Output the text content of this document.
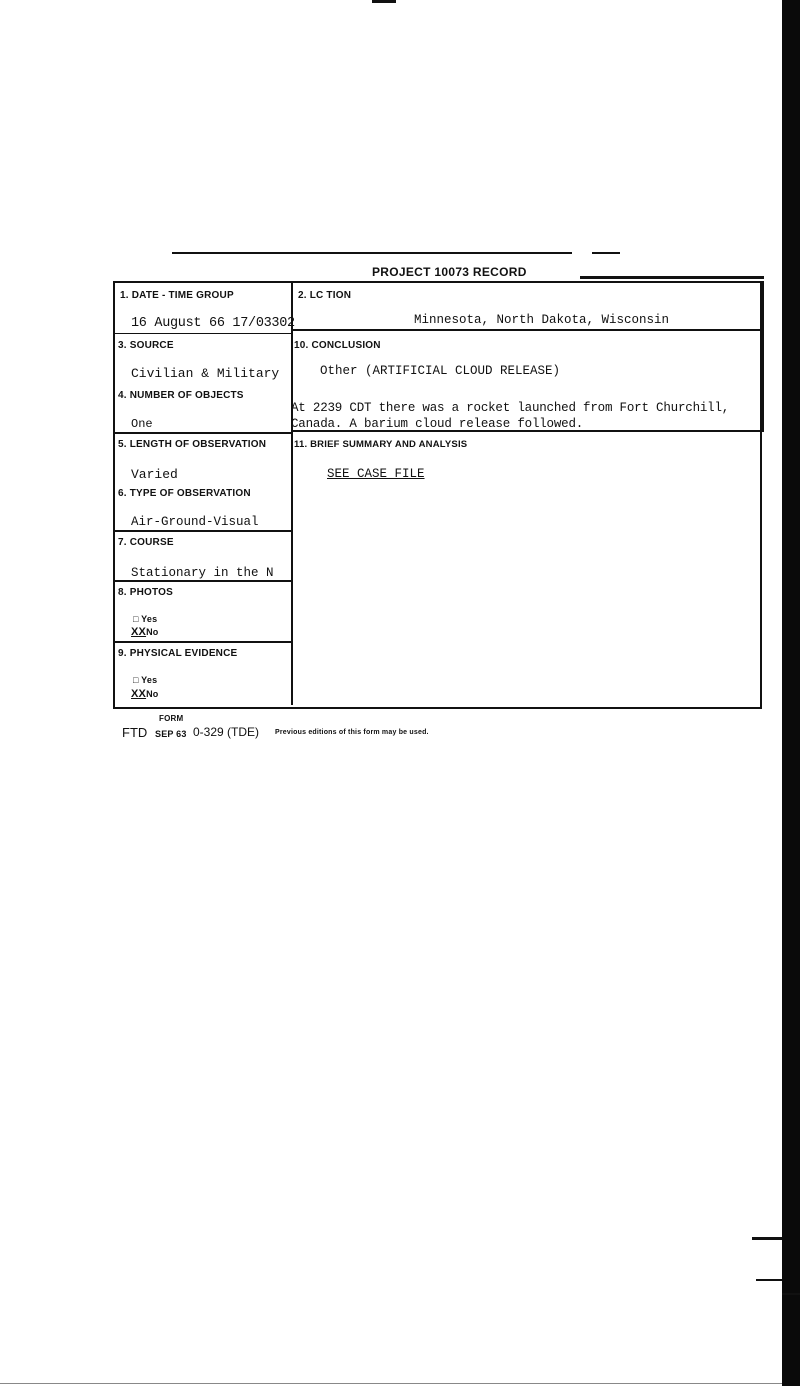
PROJECT 10073 RECORD
1. DATE - TIME GROUP
16 August 66 17/03302
2. LC TION
Minnesota, North Dakota, Wisconsin
3. SOURCE
Civilian & Military
4. NUMBER OF OBJECTS
One
5. LENGTH OF OBSERVATION
Varied
6. TYPE OF OBSERVATION
Air-Ground-Visual
7. COURSE
Stationary in the N
8. PHOTOS
□ Yes
XXNo
9. PHYSICAL EVIDENCE
□ Yes
XXNo
10. CONCLUSION
Other (ARTIFICIAL CLOUD RELEASE)
At 2239 CDT there was a rocket launched from Fort Churchill,
Canada. A barium cloud release followed.
11. BRIEF SUMMARY AND ANALYSIS
SEE CASE FILE
FORM
FTD SEP 63 0-329 (TDE) Previous editions of this form may be used.
